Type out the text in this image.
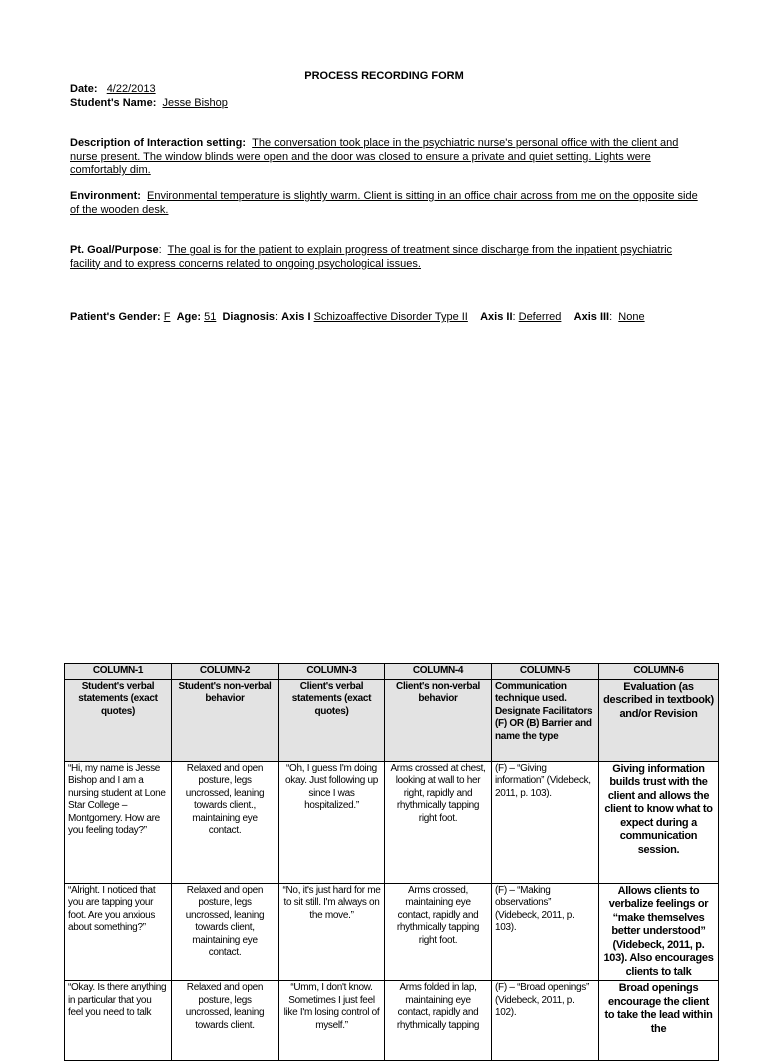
PROCESS RECORDING FORM
Date: 4/22/2013
Student's Name: Jesse Bishop
Description of Interaction setting: The conversation took place in the psychiatric nurse's personal office with the client and nurse present. The window blinds were open and the door was closed to ensure a private and quiet setting. Lights were comfortably dim.
Environment: Environmental temperature is slightly warm. Client is sitting in an office chair across from me on the opposite side of the wooden desk.
Pt. Goal/Purpose:  The goal is for the patient to explain progress of treatment since discharge from the inpatient psychiatric facility and to express concerns related to ongoing psychological issues.
Patient's Gender: F Age: 51 Diagnosis: Axis I Schizoaffective Disorder Type II Axis II: Deferred Axis III:  None
COLUMN-1	COLUMN-2	COLUMN-3	COLUMN-4	COLUMN-5	COLUMN-6
Student's verbal statements (exact quotes)	Student's non-verbal behavior	Client's verbal statements (exact quotes)	Client's non-verbal behavior	Communication technique used. Designate Facilitators (F) OR (B) Barrier and name the type	Evaluation (as described in textbook) and/or Revision
“Hi, my name is Jesse Bishop and I am a nursing student at Lone Star College – Montgomery. How are you feeling today?”	Relaxed and open posture, legs uncrossed, leaning towards client., maintaining eye contact.	“Oh, I guess I'm doing okay. Just following up since I was hospitalized.”	Arms crossed at chest, looking at wall to her right, rapidly and rhythmically tapping right foot.	(F) – “Giving information” (Videbeck, 2011, p. 103).	Giving information builds trust with the client and allows the client to know what to expect during a communication session.
“Alright. I noticed that you are tapping your foot. Are you anxious about something?”	Relaxed and open posture, legs uncrossed, leaning towards client, maintaining eye contact.	“No, it's just hard for me to sit still. I'm always on the move.”	Arms crossed, maintaining eye contact, rapidly and rhythmically tapping right foot.	(F) – “Making observations” (Videbeck, 2011, p. 103).	Allows clients to verbalize feelings or “make themselves better understood” (Videbeck, 2011, p. 103). Also encourages clients to talk
“Okay. Is there anything in particular that you feel you need to talk	Relaxed and open posture, legs uncrossed, leaning towards client.	“Umm, I don't know. Sometimes I just feel like I'm losing control of myself.”	Arms folded in lap, maintaining eye contact, rapidly and rhythmically tapping	(F) – “Broad openings” (Videbeck, 2011, p. 102).	Broad openings encourage the client to take the lead within the
